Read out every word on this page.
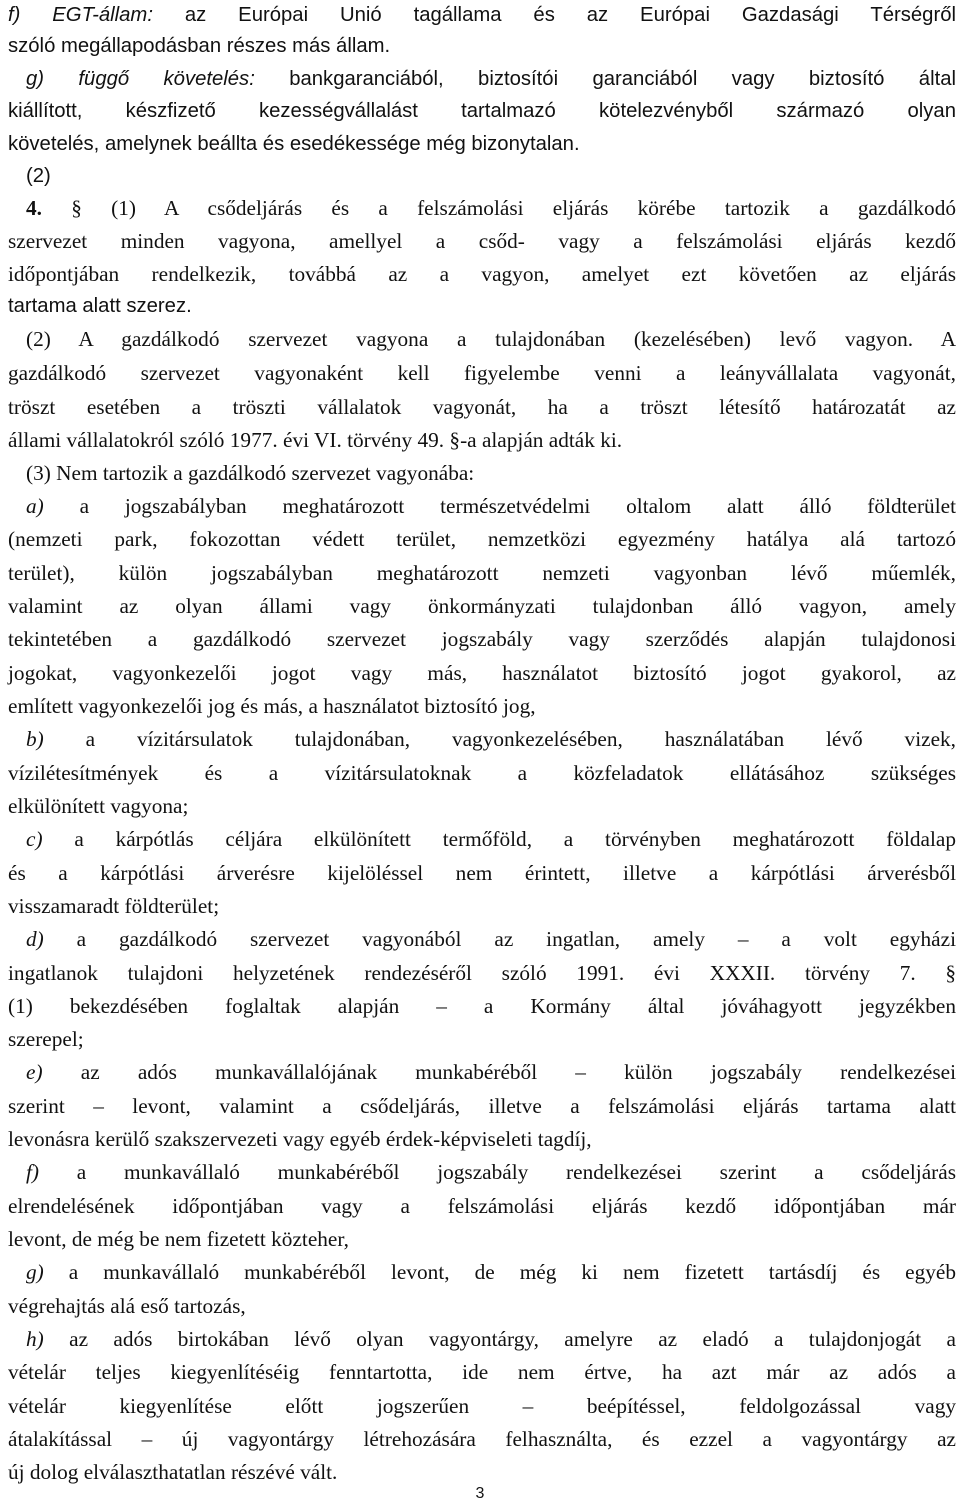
f) EGT-állam: az Európai Unió tagállama és az Európai Gazdasági Térségről
szóló megállapodásban részes más állam.
g) függő követelés: bankgaranciából, biztosítói garanciából vagy biztosító által
kiállított, készfizető kezességvállalást tartalmazó kötelezvényből származó olyan
követelés, amelynek beállta és esedékessége még bizonytalan.
(2)
4. § (1) A csődeljárás és a felszámolási eljárás körébe tartozik a gazdálkodó
szervezet minden vagyona, amellyel a csőd- vagy a felszámolási eljárás kezdő
időpontjában rendelkezik, továbbá az a vagyon, amelyet ezt követően az eljárás
tartama alatt szerez.
(2) A gazdálkodó szervezet vagyona a tulajdonában (kezelésében) levő vagyon. A
gazdálkodó szervezet vagyonaként kell figyelembe venni a leányvállalata vagyonát,
tröszt esetében a tröszti vállalatok vagyonát, ha a tröszt létesítő határozatát az
állami vállalatokról szóló 1977. évi VI. törvény 49. §-a alapján adták ki.
(3) Nem tartozik a gazdálkodó szervezet vagyonába:
a) a jogszabályban meghatározott természetvédelmi oltalom alatt álló földterület
(nemzeti park, fokozottan védett terület, nemzetközi egyezmény hatálya alá tartozó
terület), külön jogszabályban meghatározott nemzeti vagyonban lévő műemlék,
valamint az olyan állami vagy önkormányzati tulajdonban álló vagyon, amely
tekintetében a gazdálkodó szervezet jogszabály vagy szerződés alapján tulajdonosi
jogokat, vagyonkezelői jogot vagy más, használatot biztosító jogot gyakorol, az
említett vagyonkezelői jog és más, a használatot biztosító jog,
b) a vízitársulatok tulajdonában, vagyonkezelésében, használatában lévő vizek,
vízilétesítmények és a vízitársulatoknak a közfeladatok ellátásához szükséges
elkülönített vagyona;
c) a kárpótlás céljára elkülönített termőföld, a törvényben meghatározott földalap
és a kárpótlási árverésre kijelöléssel nem érintett, illetve a kárpótlási árverésből
visszamaradt földterület;
d) a gazdálkodó szervezet vagyonából az ingatlan, amely – a volt egyházi
ingatlanok tulajdoni helyzetének rendezéséről szóló 1991. évi XXXII. törvény 7. §
(1) bekezdésében foglaltak alapján – a Kormány által jóváhagyott jegyzékben
szerepel;
e) az adós munkavállalójának munkabéréből – külön jogszabály rendelkezései
szerint – levont, valamint a csődeljárás, illetve a felszámolási eljárás tartama alatt
levonásra kerülő szakszervezeti vagy egyéb érdek-képviseleti tagdíj,
f) a munkavállaló munkabéréből jogszabály rendelkezései szerint a csődeljárás
elrendelésének időpontjában vagy a felszámolási eljárás kezdő időpontjában már
levont, de még be nem fizetett közteher,
g) a munkavállaló munkabéréből levont, de még ki nem fizetett tartásdíj és egyéb
végrehajtás alá eső tartozás,
h) az adós birtokában lévő olyan vagyontárgy, amelyre az eladó a tulajdonjogát a
vételár teljes kiegyenlítéséig fenntartotta, ide nem értve, ha azt már az adós a
vételár kiegyenlítése előtt jogszerűen – beépítéssel, feldolgozással vagy
átalakítással – új vagyontárgy létrehozására felhasználta, és ezzel a vagyontárgy az
új dolog elválaszthatatlan részévé vált.
3
